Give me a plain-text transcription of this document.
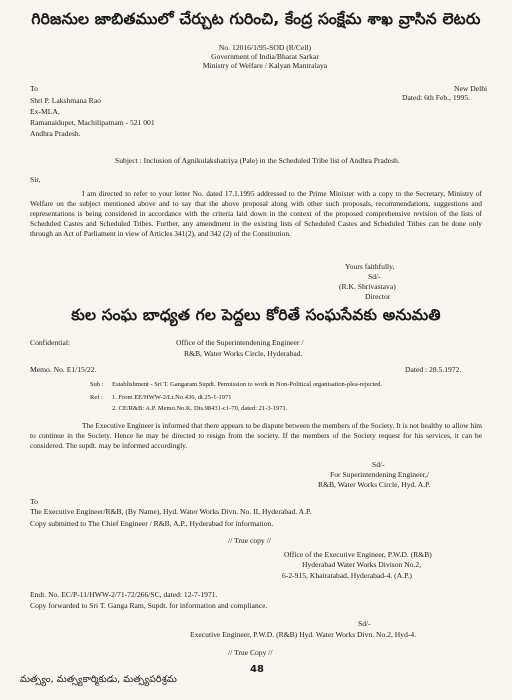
గిరిజనుల జాబితములో చేర్చుట గురించి, కేంద్ర సంక్షేమ శాఖ వ్రాసిన లెటరు
No. 12016/1/95-SOD (R/Cell)
Government of India/Bharat Sarkar
Ministry of Welfare / Kalyan Mantralaya
New Delhi
Dated: 6th Feb., 1995.
To
Shri P. Lakshmana Rao
Ex-MLA,
Ramanaidupet, Machilipatnam - 521 001
Andhra Pradesh.
Subject : Inclusion of Agnikulakshatriya (Pale) in the Scheduled Tribe list of Andhra Pradesh.
Sir,
I am directed to refer to your letter No. dated 17.1.1995 addressed to the Prime Minister with a copy to the Secretary, Ministry of Welfare on the subject mentioned above and to say that the above proposal along with other such proposals, recommendations, suggestions and representations is being considered in accordance with the criteria laid down in the context of the proposed comprehensive revision of the lists of Scheduled Castes and Scheduled Tribes. Further, any amendment in the existing lists of Scheduled Castes and Scheduled Tribes can be done only through an Act of Parliament in view of Articles 341(2), and 342 (2) of the Constitution.
Yours faithfully,
Sd/-
(R.K. Shrivastava)
Director
కుల సంఘ బాధ్యత గల పెద్దలు కోరితే సంఘసేవకు అనుమతి
Confidential:	Office of the Superintendening Engineer /
R&B, Water Works Circle, Hyderabad.
Memo. No. E1/15/22.	Dated : 28.5.1972.
Sub : Establishment - Sri T. Gangaram Supdt. Permission to work in Non-Political organisation-plea-rejected.
Ref : 1. From EE/HWW-2/Lr.No.436, dt.25-1-1971
2. CE/R&B: A.P. Memo.No.K. Dis.98431-c1-70, dated: 21-3-1971.
The Executive Engineer is informed that there appears to be dispute between the members of the Society. It is not healthy to allow him to continue in the Society. Hence he may be directed to resign from the society. If the members of the Society request for his services, it can be considered. The supdt. may be informed accordingly.
Sd/-
For Superintendening Engineer,/
R&B, Water Works Circle, Hyd. A.P.
To
The Executive Engineer/R&B, (By Name), Hyd. Water Works Divn. No. II, Hyderabad. A.P.
Copy submitted to The Chief Engineer / R&B, A.P., Hyderabad for information.
// True copy //
Office of the Executive Engineer, P.W.D. (R&B)
Hyderabad Water Works Divison No.2,
6-2-915, Khairatabad, Hyderabad-4. (A.P.)
Endt. No. EC/P-11/HWW-2/71-72/266/SC, dated: 12-7-1971.
Copy forwarded to Sri T. Ganga Ram, Supdt. for information and compliance.
Sd/-
Executive Engineer, P.W.D. (R&B) Hyd. Water Works Divn. No.2, Hyd-4.
// True Copy //
మత్స్యం, మత్స్యకార్మికుడు, మత్స్యపరిశ్రమ
48
